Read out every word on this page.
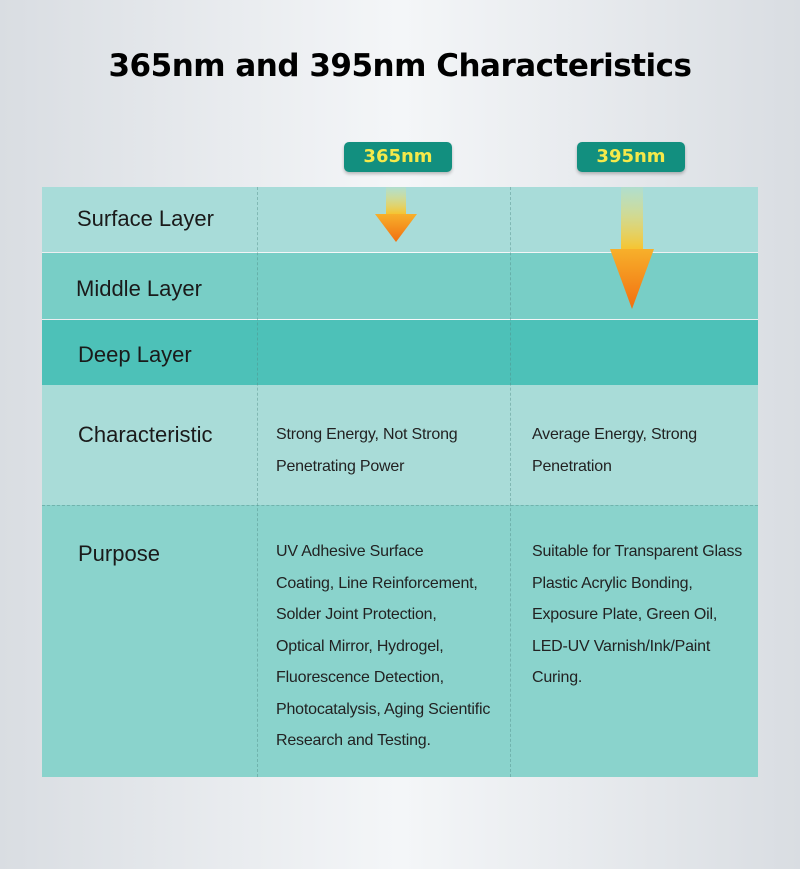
365nm and 395nm Characteristics
365nm	395nm
Surface Layer
Middle Layer
Deep Layer
Characteristic
Purpose
Strong Energy, Not Strong
Penetrating Power
Average Energy, Strong
Penetration
UV Adhesive Surface
Coating, Line Reinforcement,
Solder Joint Protection,
Optical Mirror, Hydrogel,
Fluorescence Detection,
Photocatalysis, Aging Scientific
Research and Testing.
Suitable for Transparent Glass
Plastic Acrylic Bonding,
Exposure Plate, Green Oil,
LED-UV Varnish/Ink/Paint
Curing.
